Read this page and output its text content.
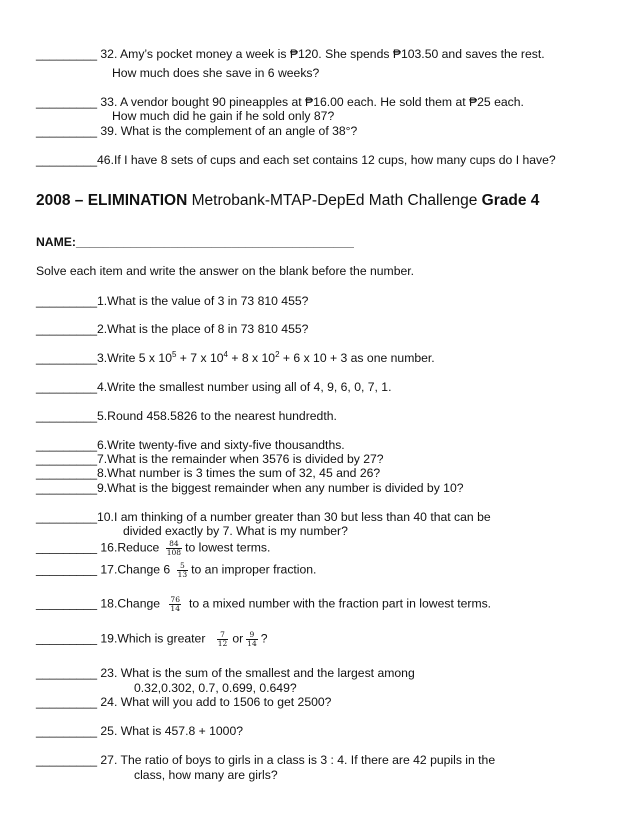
_________ 32. Amy’s pocket money a week is ₱120. She spends ₱103.50 and saves the rest.
How much does she save in 6 weeks?
_________ 33. A vendor bought 90 pineapples at ₱16.00 each. He sold them at ₱25 each.
How much did he gain if he sold only 87?
_________ 39. What is the complement of an angle of 38°?
_________46.If I have 8 sets of cups and each set contains 12 cups, how many cups do I have?
2008 – ELIMINATION Metrobank-MTAP-DepEd Math Challenge Grade 4
NAME:_________________________________________
Solve each item and write the answer on the blank before the number.
_________1.What is the value of 3 in 73 810 455?
_________2.What is the place of 8 in 73 810 455?
_________3.Write 5 x $10^5 + 7$ x $10^4 + 8$ x $10^2 + 6$ x 10 + 3 as one number.
_________4.Write the smallest number using all of 4, 9, 6, 0, 7, 1.
_________5.Round 458.5826 to the nearest hundredth.
_________6.Write twenty-five and sixty-five thousandths.
_________7.What is the remainder when 3576 is divided by 27?
_________8.What number is 3 times the sum of 32, 45 and 26?
_________9.What is the biggest remainder when any number is divided by 10?
_________10.I am thinking of a number greater than 30 but less than 40 that can be
divided exactly by 7. What is my number?
_________ 16.Reduce $\frac{84}{108}$ to lowest terms.
_________ 17.Change $6 \frac{5}{13}$ to an improper fraction.
_________ 18.Change $\frac{76}{14}$ to a mixed number with the fraction part in lowest terms.
_________ 19.Which is greater $\frac{7}{12}$ or $\frac{9}{14}$ ?
_________ 23. What is the sum of the smallest and the largest among
0.32,0.302, 0.7, 0.699, 0.649?
_________ 24. What will you add to 1506 to get 2500?
_________ 25. What is 457.8 + 1000?
_________ 27. The ratio of boys to girls in a class is 3 : 4. If there are 42 pupils in the
class, how many are girls?
